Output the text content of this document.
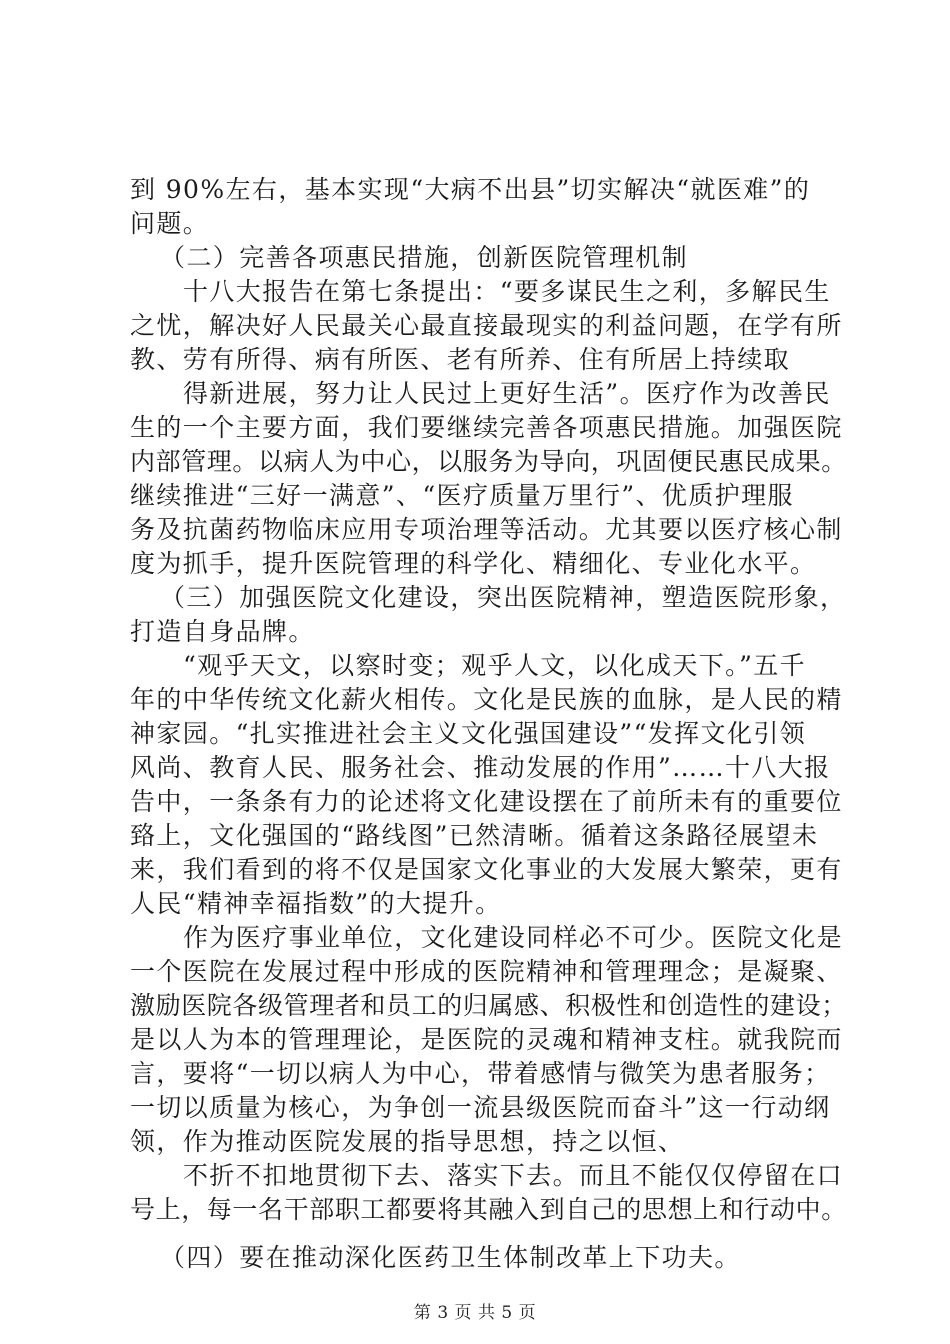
到 90%左右，基本实现“大病不出县”切实解决“就医难”的
问题。
（二）完善各项惠民措施，创新医院管理机制
十八大报告在第七条提出：“要多谋民生之利，多解民生
之忧，解决好人民最关心最直接最现实的利益问题，在学有所
教、劳有所得、病有所医、老有所养、住有所居上持续取
得新进展，努力让人民过上更好生活”。医疗作为改善民
生的一个主要方面，我们要继续完善各项惠民措施。加强医院
内部管理。以病人为中心，以服务为导向，巩固便民惠民成果。
继续推进“三好一满意”、“医疗质量万里行”、优质护理服
务及抗菌药物临床应用专项治理等活动。尤其要以医疗核心制
度为抓手，提升医院管理的科学化、精细化、专业化水平。
（三）加强医院文化建设，突出医院精神，塑造医院形象，
打造自身品牌。
“观乎天文，以察时变；观乎人文，以化成天下。”五千
年的中华传统文化薪火相传。文化是民族的血脉，是人民的精
神家园。“扎实推进社会主义文化强国建设”“发挥文化引领
风尚、教育人民、服务社会、推动发展的作用”……十八大报
告中，一条条有力的论述将文化建设摆在了前所未有的重要位
臵上，文化强国的“路线图”已然清晰。循着这条路径展望未
来，我们看到的将不仅是国家文化事业的大发展大繁荣，更有
人民“精神幸福指数”的大提升。
作为医疗事业单位，文化建设同样必不可少。医院文化是
一个医院在发展过程中形成的医院精神和管理理念；是凝聚、
激励医院各级管理者和员工的归属感、积极性和创造性的建设；
是以人为本的管理理论，是医院的灵魂和精神支柱。就我院而
言，要将“一切以病人为中心，带着感情与微笑为患者服务；
一切以质量为核心，为争创一流县级医院而奋斗”这一行动纲
领，作为推动医院发展的指导思想，持之以恒、
不折不扣地贯彻下去、落实下去。而且不能仅仅停留在口
号上，每一名干部职工都要将其融入到自己的思想上和行动中。
（四）要在推动深化医药卫生体制改革上下功夫。
第 3 页 共 5 页
